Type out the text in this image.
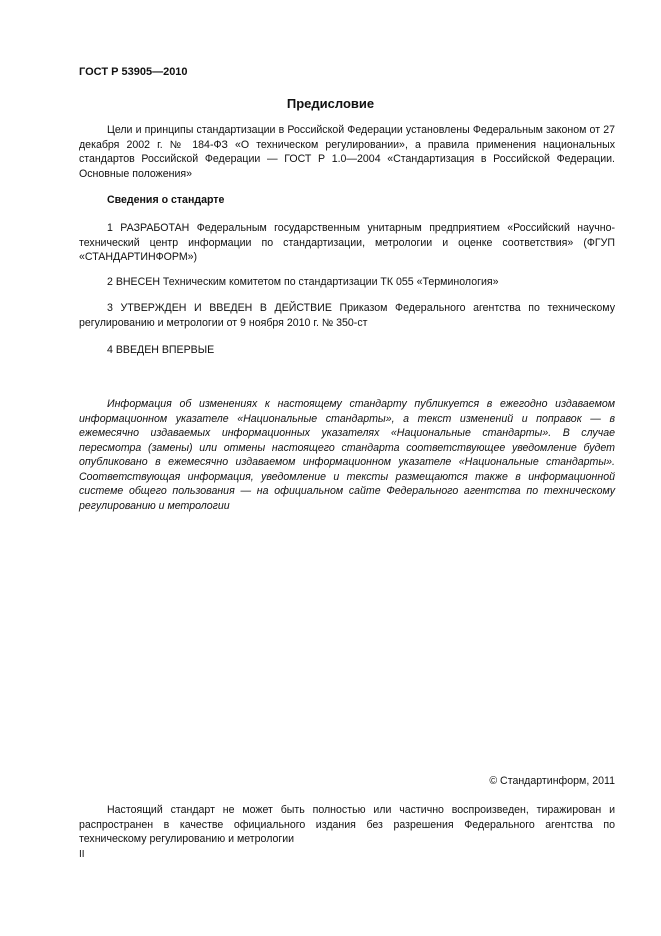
ГОСТ Р 53905—2010

Предисловие

Цели и принципы стандартизации в Российской Федерации установлены Федеральным законом от 27 декабря 2002 г. № 184-ФЗ «О техническом регулировании», а правила применения национальных стандартов Российской Федерации — ГОСТ Р 1.0—2004 «Стандартизация в Российской Федерации. Основные положения»

Сведения о стандарте

1 РАЗРАБОТАН Федеральным государственным унитарным предприятием «Российский научно-технический центр информации по стандартизации, метрологии и оценке соответствия» (ФГУП «СТАНДАРТИНФОРМ»)

2 ВНЕСЕН Техническим комитетом по стандартизации ТК 055 «Терминология»

3 УТВЕРЖДЕН И ВВЕДЕН В ДЕЙСТВИЕ Приказом Федерального агентства по техническому регулированию и метрологии от 9 ноября 2010 г. № 350-ст

4 ВВЕДЕН ВПЕРВЫЕ

Информация об изменениях к настоящему стандарту публикуется в ежегодно издаваемом информационном указателе «Национальные стандарты», а текст изменений и поправок — в ежемесячно издаваемых информационных указателях «Национальные стандарты». В случае пересмотра (замены) или отмены настоящего стандарта соответствующее уведомление будет опубликовано в ежемесячно издаваемом информационном указателе «Национальные стандарты». Соответствующая информация, уведомление и тексты размещаются также в информационной системе общего пользования — на официальном сайте Федерального агентства по техническому регулированию и метрологии

© Стандартинформ, 2011

Настоящий стандарт не может быть полностью или частично воспроизведен, тиражирован и распространен в качестве официального издания без разрешения Федерального агентства по техническому регулированию и метрологии

II
